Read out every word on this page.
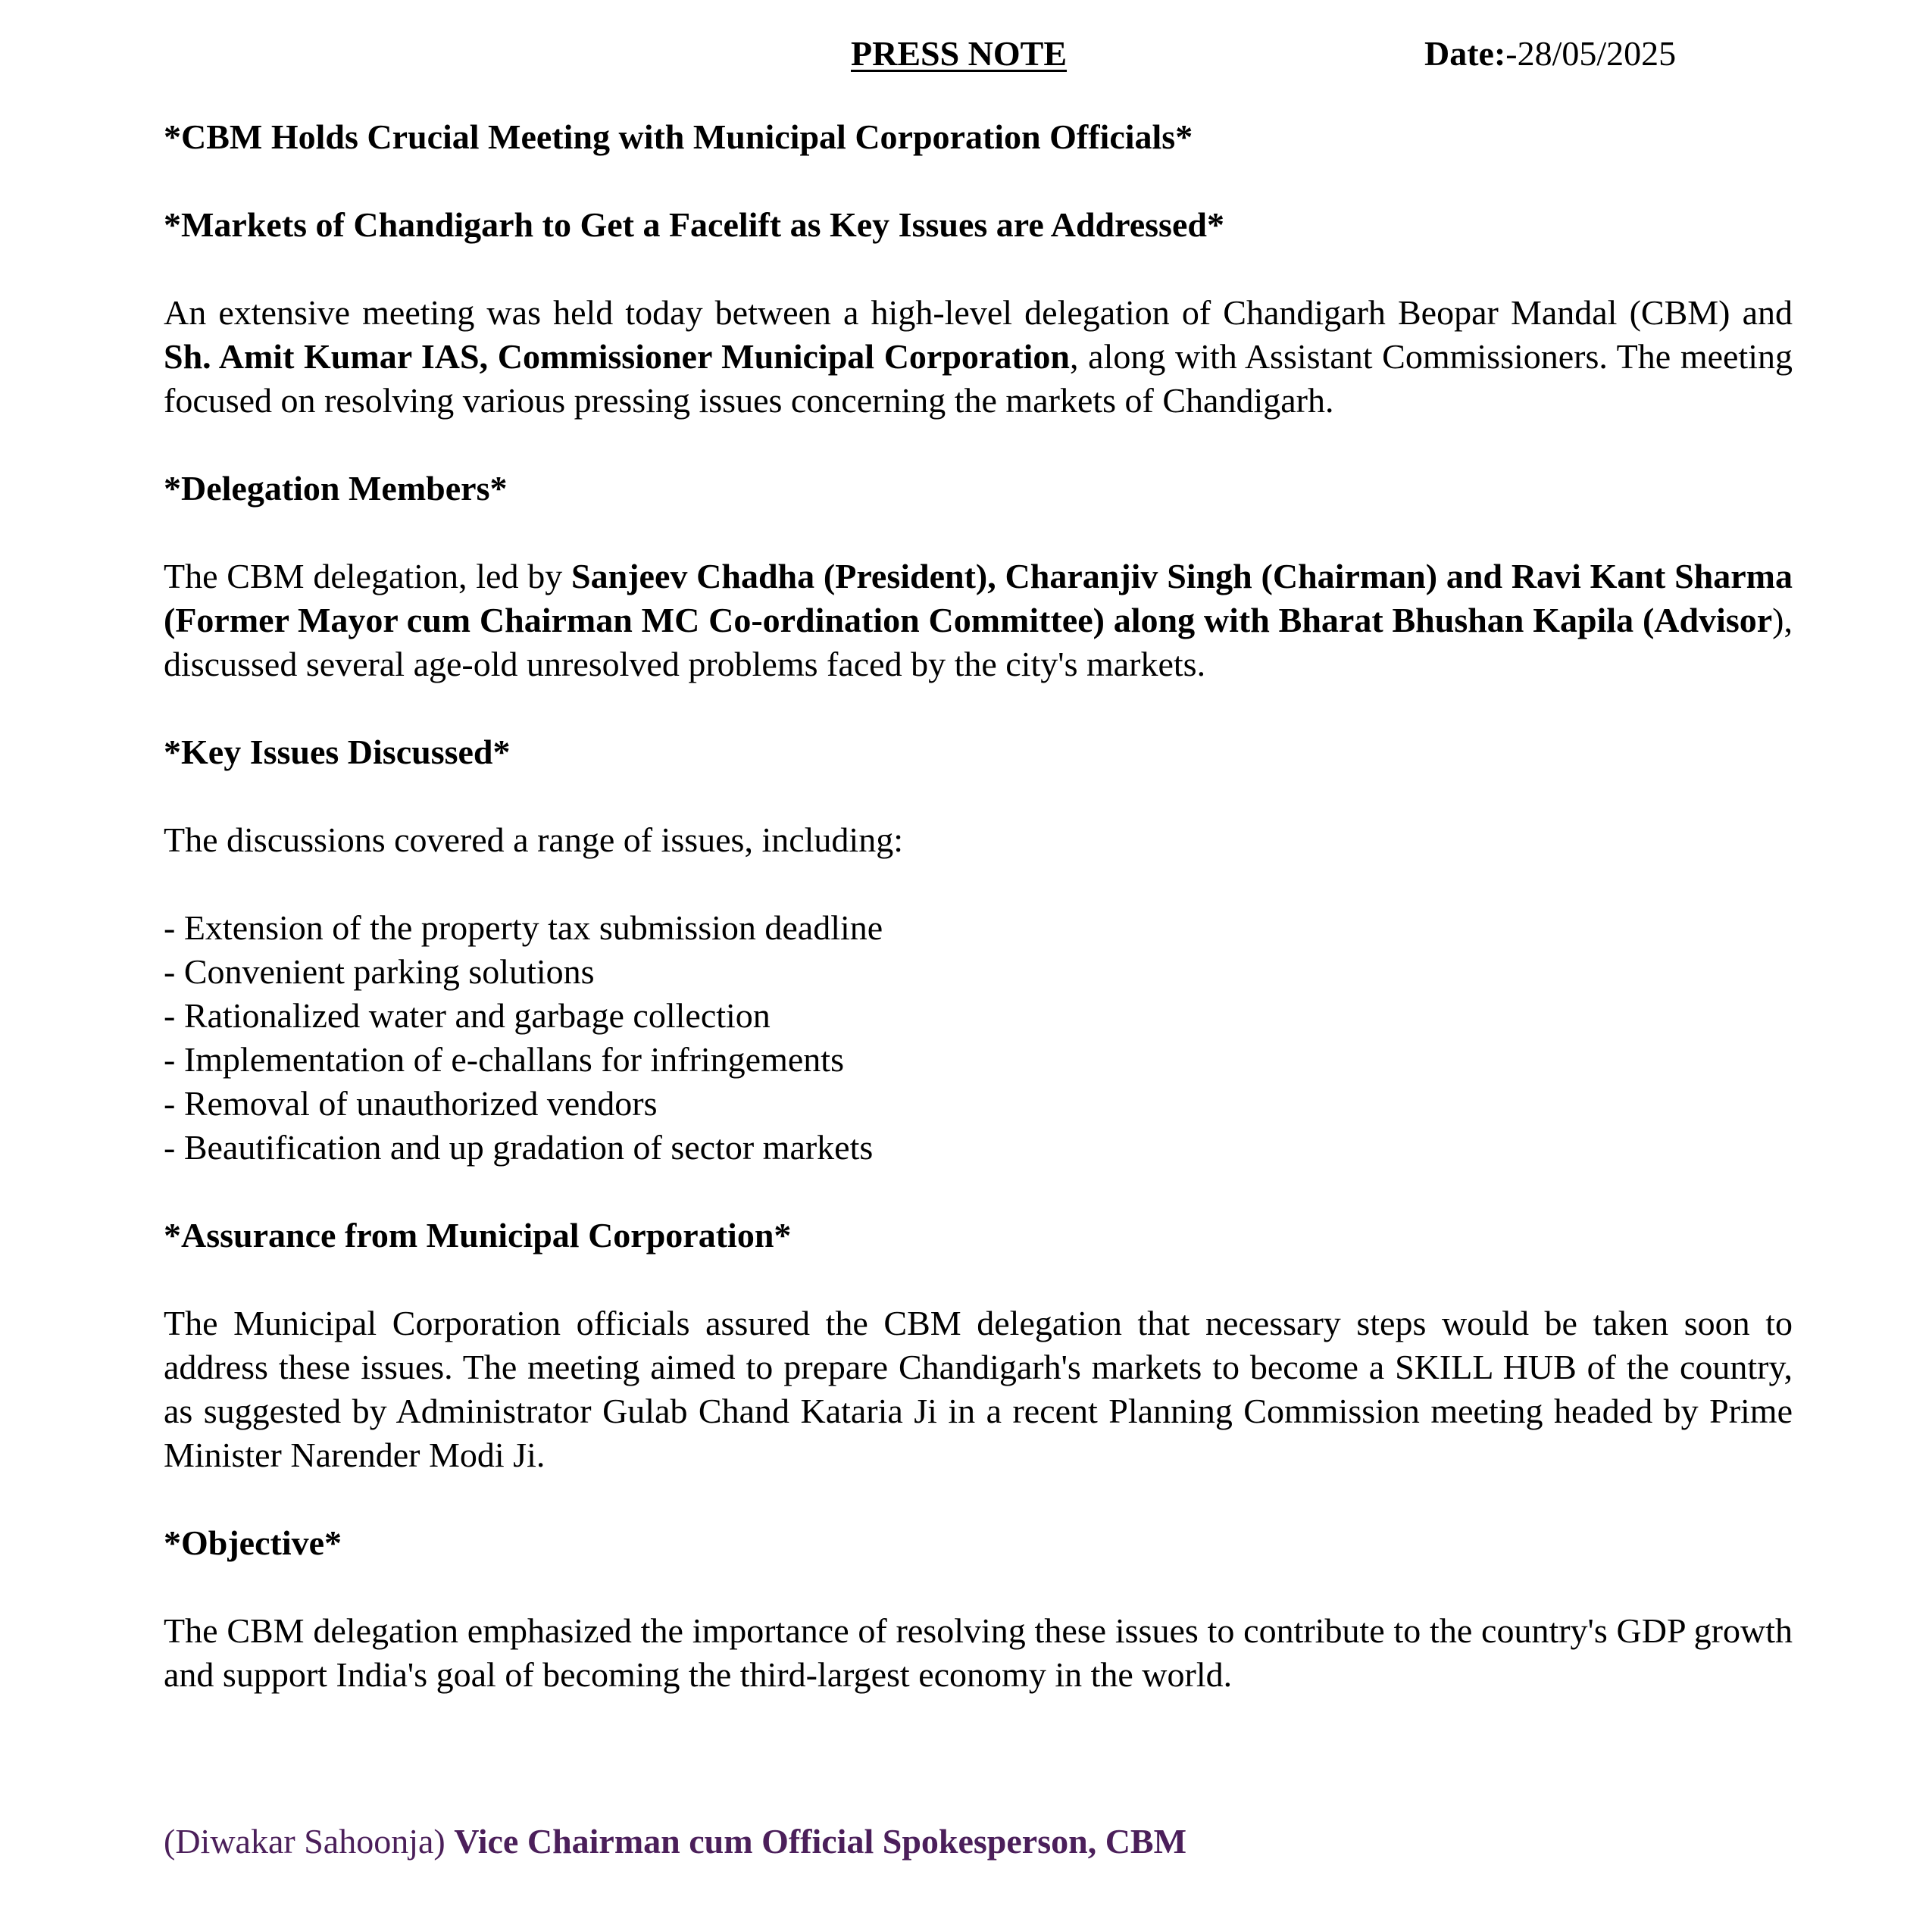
PRESS NOTE	Date:-28/05/2025

*CBM Holds Crucial Meeting with Municipal Corporation Officials*

*Markets of Chandigarh to Get a Facelift as Key Issues are Addressed*

An extensive meeting was held today between a high-level delegation of Chandigarh Beopar Mandal (CBM) and Sh. Amit Kumar IAS, Commissioner Municipal Corporation, along with Assistant Commissioners. The meeting focused on resolving various pressing issues concerning the markets of Chandigarh.

*Delegation Members*

The CBM delegation, led by Sanjeev Chadha (President), Charanjiv Singh (Chairman) and Ravi Kant Sharma (Former Mayor cum Chairman MC Co-ordination Committee) along with Bharat Bhushan Kapila (Advisor), discussed several age-old unresolved problems faced by the city's markets.

*Key Issues Discussed*

The discussions covered a range of issues, including:

- Extension of the property tax submission deadline
- Convenient parking solutions
- Rationalized water and garbage collection
- Implementation of e-challans for infringements
- Removal of unauthorized vendors
- Beautification and up gradation of sector markets

*Assurance from Municipal Corporation*

The Municipal Corporation officials assured the CBM delegation that necessary steps would be taken soon to address these issues. The meeting aimed to prepare Chandigarh's markets to become a SKILL HUB of the country, as suggested by Administrator Gulab Chand Kataria Ji in a recent Planning Commission meeting headed by Prime Minister Narender Modi Ji.

*Objective*

The CBM delegation emphasized the importance of resolving these issues to contribute to the country's GDP growth and support India's goal of becoming the third-largest economy in the world.

(Diwakar Sahoonja) Vice Chairman cum Official Spokesperson, CBM
